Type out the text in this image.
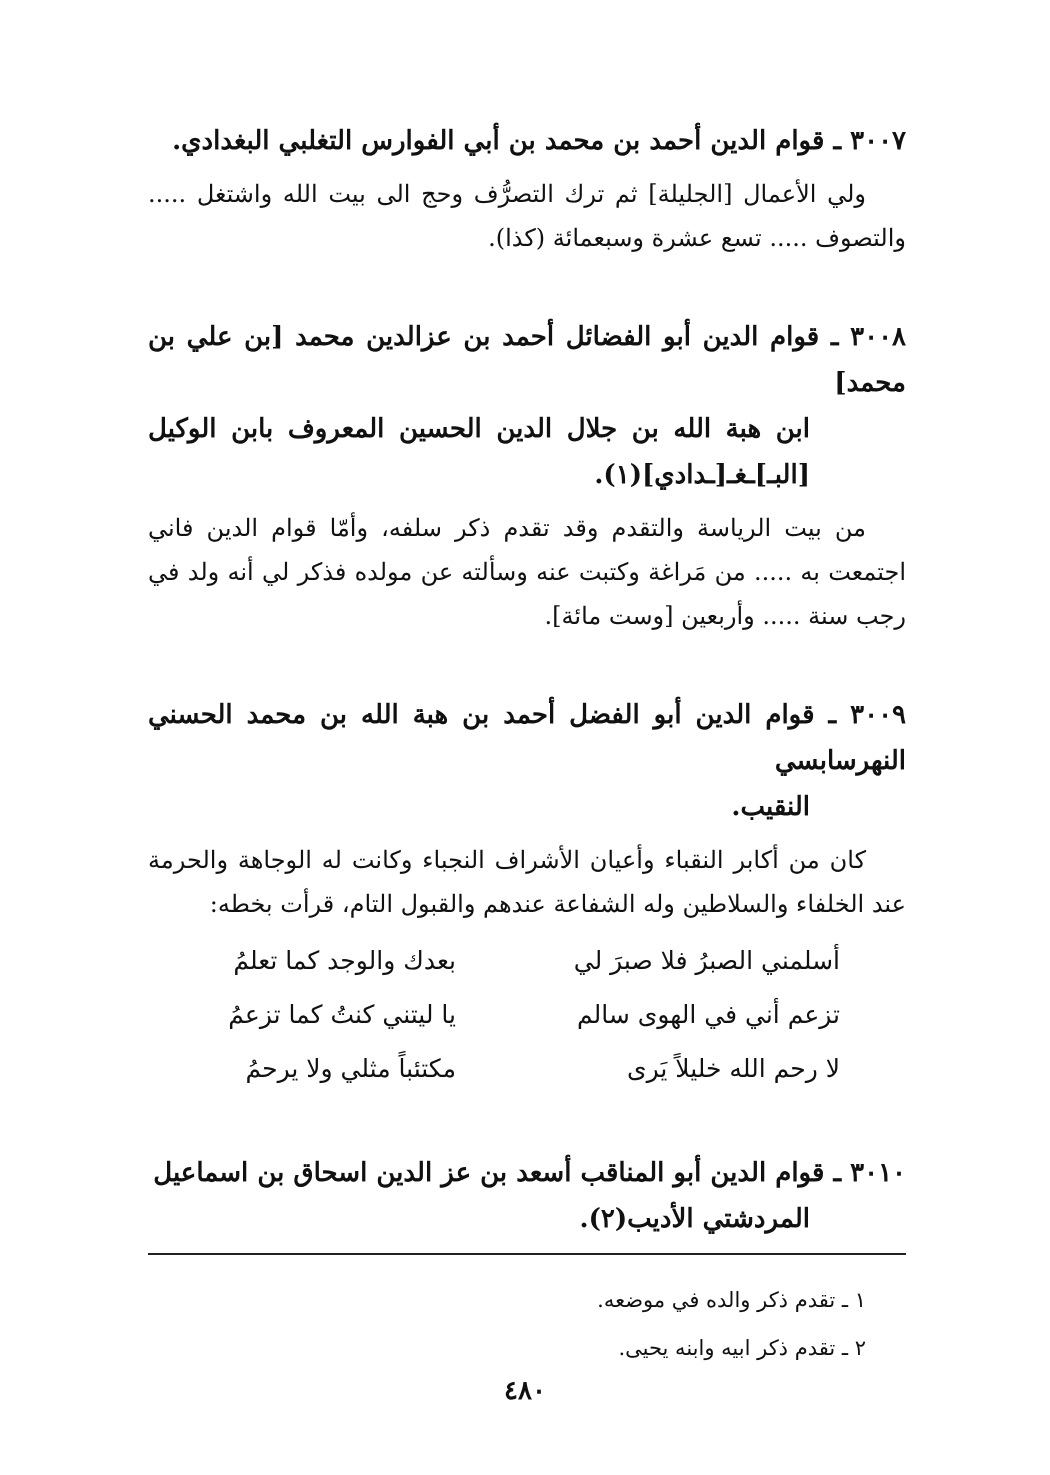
٣٠٠٧ ـ قوام الدين أحمد بن محمد بن أبي الفوارس التغلبي البغدادي.

ولي الأعمال [الجليلة] ثم ترك التصرُّف وحج الى بيت الله واشتغل ..... والتصوف ..... تسع عشرة وسبعمائة (كذا).

٣٠٠٨ ـ قوام الدين أبو الفضائل أحمد بن عزالدين محمد [بن علي بن محمد]
ابن هبة الله بن جلال الدين الحسين المعروف بابن الوكيل [البـ]ـغـ[ـدادي](١).

من بيت الرياسة والتقدم وقد تقدم ذكر سلفه، وأمّا قوام الدين فاني اجتمعت به ..... من مَراغة وكتبت عنه وسألته عن مولده فذكر لي أنه ولد في رجب سنة ..... وأربعين [وست مائة].

٣٠٠٩ ـ قوام الدين أبو الفضل أحمد بن هبة الله بن محمد الحسني النهرسابسي
النقيب.

كان من أكابر النقباء وأعيان الأشراف النجباء وكانت له الوجاهة والحرمة عند الخلفاء والسلاطين وله الشفاعة عندهم والقبول التام، قرأت بخطه:

أسلمني الصبرُ فلا صبرَ لي
بعدك والوجد كما تعلمُ
تزعم أني في الهوى سالم
يا ليتني كنتُ كما تزعمُ
لا رحم الله خليلاً يَرى
مكتئباً مثلي ولا يرحمُ

٣٠١٠ ـ قوام الدين أبو المناقب أسعد بن عز الدين اسحاق بن اسماعيل
المردشتي الأديب(٢).

١ ـ تقدم ذكر والده في موضعه.
٢ ـ تقدم ذكر ابيه وابنه يحيى.
٤٨٠
